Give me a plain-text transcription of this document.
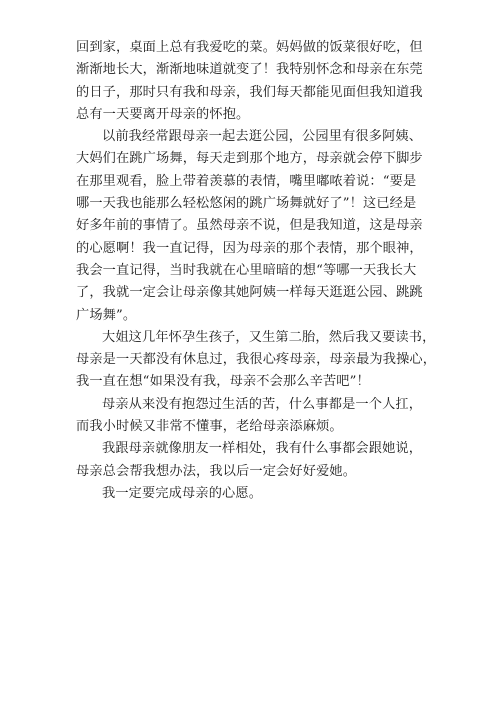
回到家，桌面上总有我爱吃的菜。妈妈做的饭菜很好吃，但
渐渐地长大，渐渐地味道就变了！我特别怀念和母亲在东莞
的日子，那时只有我和母亲，我们每天都能见面但我知道我
总有一天要离开母亲的怀抱。

以前我经常跟母亲一起去逛公园，公园里有很多阿姨、
大妈们在跳广场舞，每天走到那个地方，母亲就会停下脚步
在那里观看，脸上带着羡慕的表情，嘴里嘟哝着说：“要是
哪一天我也能那么轻松悠闲的跳广场舞就好了”！这已经是
好多年前的事情了。虽然母亲不说，但是我知道，这是母亲
的心愿啊！我一直记得，因为母亲的那个表情，那个眼神，
我会一直记得，当时我就在心里暗暗的想“等哪一天我长大
了，我就一定会让母亲像其她阿姨一样每天逛逛公园、跳跳
广场舞”。

大姐这几年怀孕生孩子，又生第二胎，然后我又要读书，
母亲是一天都没有休息过，我很心疼母亲，母亲最为我操心，
我一直在想“如果没有我，母亲不会那么辛苦吧”！

母亲从来没有抱怨过生活的苦，什么事都是一个人扛，
而我小时候又非常不懂事，老给母亲添麻烦。

我跟母亲就像朋友一样相处，我有什么事都会跟她说，
母亲总会帮我想办法，我以后一定会好好爱她。

我一定要完成母亲的心愿。
